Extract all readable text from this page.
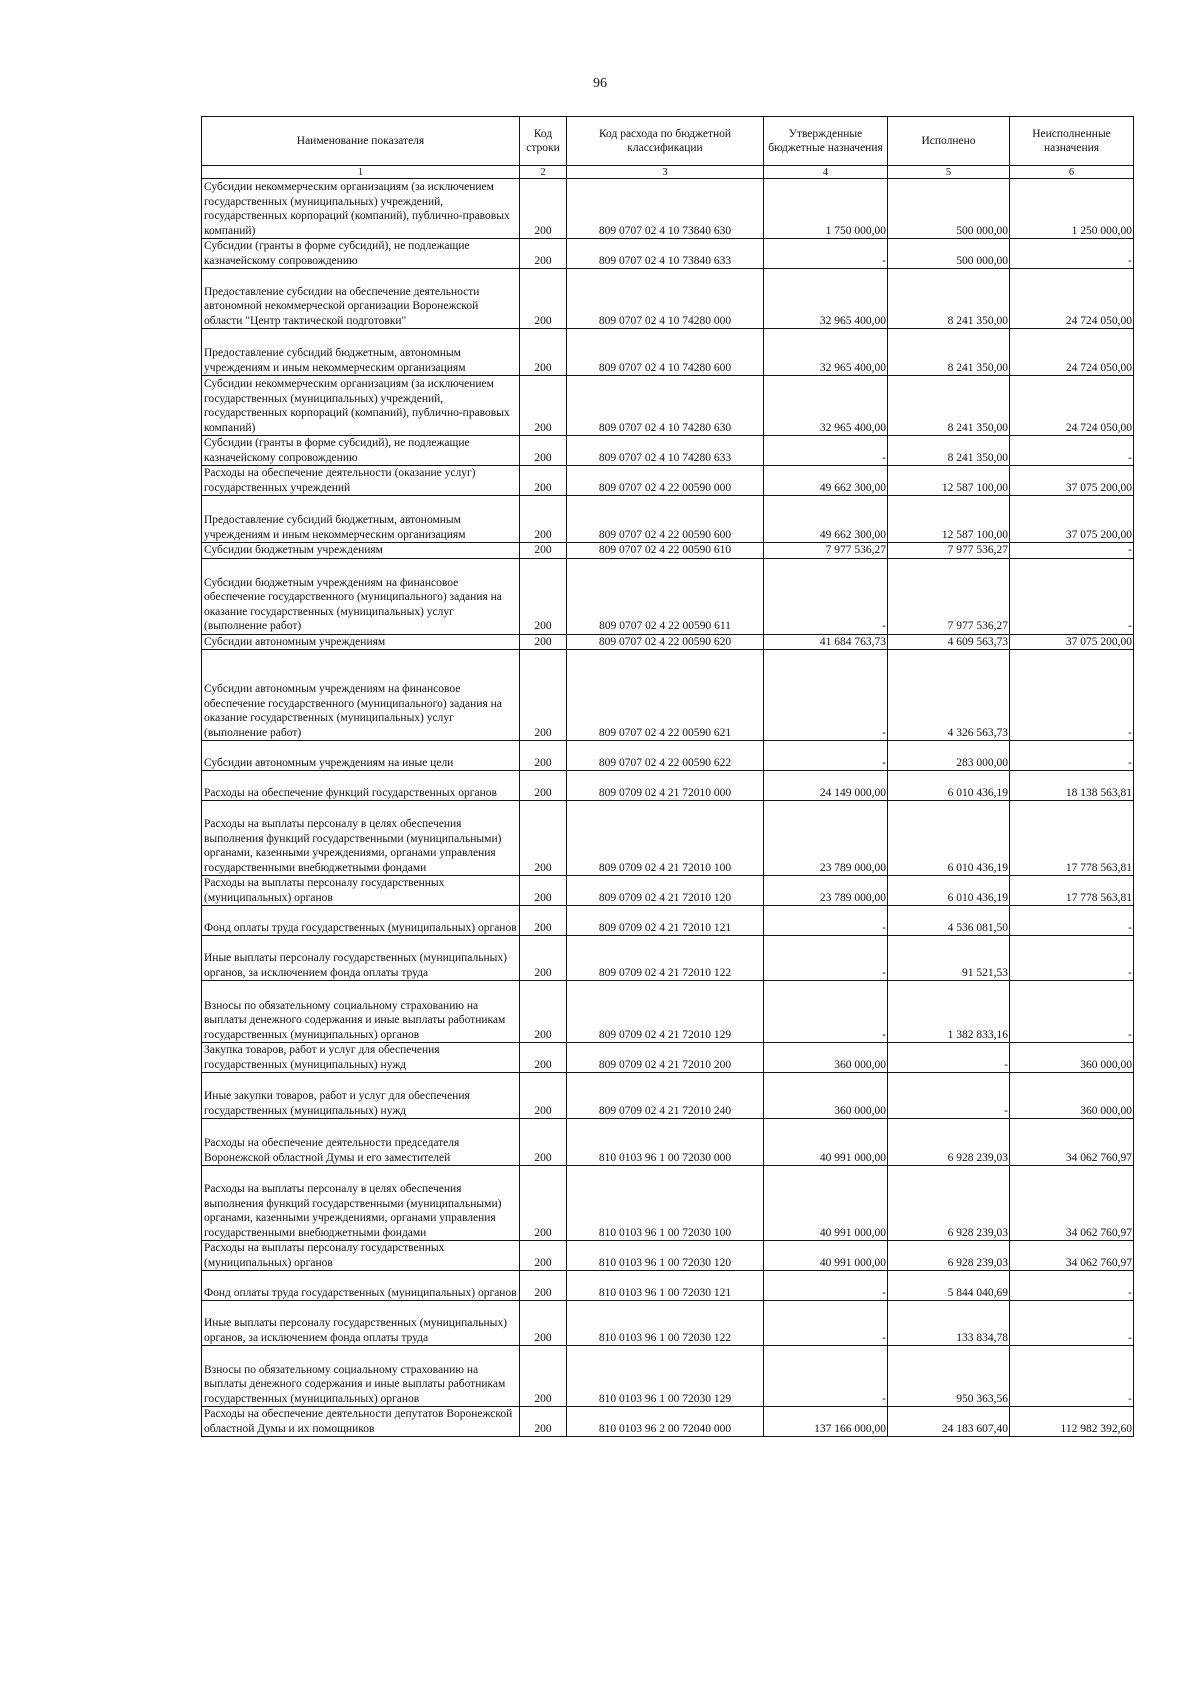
96
Наименование показателя	Код строки	Код расхода по бюджетной классификации	Утвержденные бюджетные назначения	Исполнено	Неисполненные назначения
1	2	3	4	5	6
Субсидии некоммерческим организациям (за исключением государственных (муниципальных) учреждений, государственных корпораций (компаний), публично-правовых компаний)	200	809 0707 02 4 10 73840 630	1 750 000,00	500 000,00	1 250 000,00
Субсидии (гранты в форме субсидий), не подлежащие казначейскому сопровождению	200	809 0707 02 4 10 73840 633	-	500 000,00	-
Предоставление субсидии на обеспечение деятельности автономной некоммерческой организации Воронежской области "Центр тактической подготовки"	200	809 0707 02 4 10 74280 000	32 965 400,00	8 241 350,00	24 724 050,00
Предоставление субсидий бюджетным, автономным учреждениям и иным некоммерческим организациям	200	809 0707 02 4 10 74280 600	32 965 400,00	8 241 350,00	24 724 050,00
Субсидии некоммерческим организациям (за исключением государственных (муниципальных) учреждений, государственных корпораций (компаний), публично-правовых компаний)	200	809 0707 02 4 10 74280 630	32 965 400,00	8 241 350,00	24 724 050,00
Субсидии (гранты в форме субсидий), не подлежащие казначейскому сопровождению	200	809 0707 02 4 10 74280 633	-	8 241 350,00	-
Расходы на обеспечение деятельности (оказание услуг) государственных учреждений	200	809 0707 02 4 22 00590 000	49 662 300,00	12 587 100,00	37 075 200,00
Предоставление субсидий бюджетным, автономным учреждениям и иным некоммерческим организациям	200	809 0707 02 4 22 00590 600	49 662 300,00	12 587 100,00	37 075 200,00
Субсидии бюджетным учреждениям	200	809 0707 02 4 22 00590 610	7 977 536,27	7 977 536,27	-
Субсидии бюджетным учреждениям на финансовое обеспечение государственного (муниципального) задания на оказание государственных (муниципальных) услуг (выполнение работ)	200	809 0707 02 4 22 00590 611	-	7 977 536,27	-
Субсидии автономным учреждениям	200	809 0707 02 4 22 00590 620	41 684 763,73	4 609 563,73	37 075 200,00
Субсидии автономным учреждениям на финансовое обеспечение государственного (муниципального) задания на оказание государственных (муниципальных) услуг (выполнение работ)	200	809 0707 02 4 22 00590 621	-	4 326 563,73	-
Субсидии автономным учреждениям на иные цели	200	809 0707 02 4 22 00590 622	-	283 000,00	-
Расходы на обеспечение функций государственных органов	200	809 0709 02 4 21 72010 000	24 149 000,00	6 010 436,19	18 138 563,81
Расходы на выплаты персоналу в целях обеспечения выполнения функций государственными (муниципальными) органами, казенными учреждениями, органами управления государственными внебюджетными фондами	200	809 0709 02 4 21 72010 100	23 789 000,00	6 010 436,19	17 778 563,81
Расходы на выплаты персоналу государственных (муниципальных) органов	200	809 0709 02 4 21 72010 120	23 789 000,00	6 010 436,19	17 778 563,81
Фонд оплаты труда государственных (муниципальных) органов	200	809 0709 02 4 21 72010 121	-	4 536 081,50	-
Иные выплаты персоналу государственных (муниципальных) органов, за исключением фонда оплаты труда	200	809 0709 02 4 21 72010 122	-	91 521,53	-
Взносы по обязательному социальному страхованию на выплаты денежного содержания и иные выплаты работникам государственных (муниципальных) органов	200	809 0709 02 4 21 72010 129	-	1 382 833,16	-
Закупка товаров, работ и услуг для обеспечения государственных (муниципальных) нужд	200	809 0709 02 4 21 72010 200	360 000,00	-	360 000,00
Иные закупки товаров, работ и услуг для обеспечения государственных (муниципальных) нужд	200	809 0709 02 4 21 72010 240	360 000,00	-	360 000,00
Расходы на обеспечение деятельности председателя Воронежской областной Думы и его заместителей	200	810 0103 96 1 00 72030 000	40 991 000,00	6 928 239,03	34 062 760,97
Расходы на выплаты персоналу в целях обеспечения выполнения функций государственными (муниципальными) органами, казенными учреждениями, органами управления государственными внебюджетными фондами	200	810 0103 96 1 00 72030 100	40 991 000,00	6 928 239,03	34 062 760,97
Расходы на выплаты персоналу государственных (муниципальных) органов	200	810 0103 96 1 00 72030 120	40 991 000,00	6 928 239,03	34 062 760,97
Фонд оплаты труда государственных (муниципальных) органов	200	810 0103 96 1 00 72030 121	-	5 844 040,69	-
Иные выплаты персоналу государственных (муниципальных) органов, за исключением фонда оплаты труда	200	810 0103 96 1 00 72030 122	-	133 834,78	-
Взносы по обязательному социальному страхованию на выплаты денежного содержания и иные выплаты работникам государственных (муниципальных) органов	200	810 0103 96 1 00 72030 129	-	950 363,56	-
Расходы на обеспечение деятельности депутатов Воронежской областной Думы и их помощников	200	810 0103 96 2 00 72040 000	137 166 000,00	24 183 607,40	112 982 392,60
